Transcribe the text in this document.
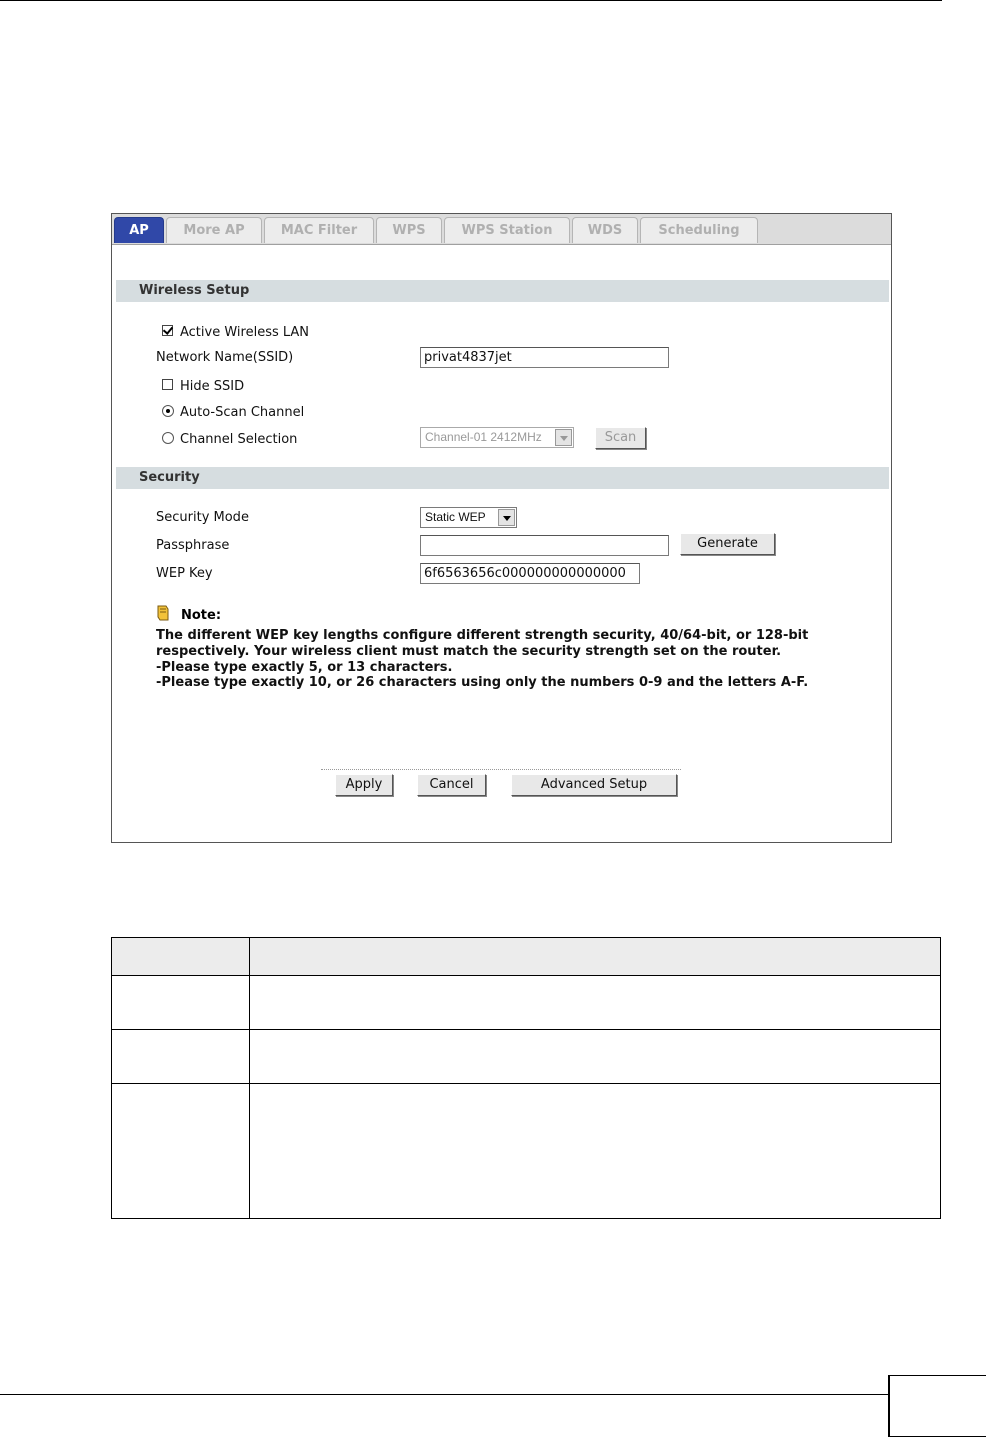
AP	More AP	MAC Filter	WPS	WPS Station	WDS	Scheduling
Wireless Setup
Active Wireless LAN
Network Name(SSID)	privat4837jet
Hide SSID
Auto-Scan Channel
Channel Selection	Channel-01 2412MHz	Scan
Security
Security Mode	Static WEP
Passphrase	Generate
WEP Key	6f6563656c000000000000000
Note:
The different WEP key lengths configure different strength security, 40/64-bit, or 128-bit respectively. Your wireless client must match the security strength set on the router.
-Please type exactly 5, or 13 characters.
-Please type exactly 10, or 26 characters using only the numbers 0-9 and the letters A-F.
Apply	Cancel	Advanced Setup
